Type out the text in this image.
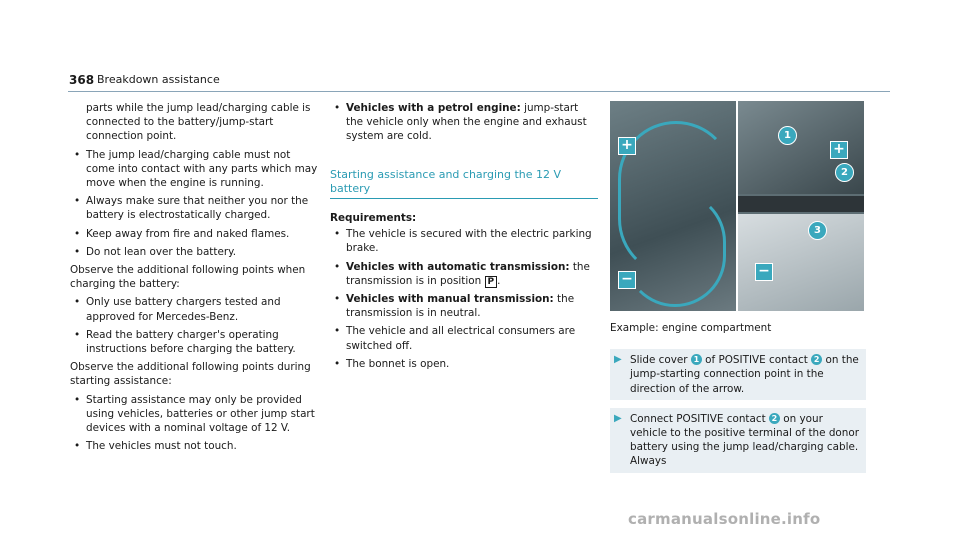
368 Breakdown assistance

parts while the jump lead/charging cable is connected to the battery/jump-start connection point.

• The jump lead/charging cable must not come into contact with any parts which may move when the engine is running.
• Always make sure that neither you nor the battery is electrostatically charged.
• Keep away from fire and naked flames.
• Do not lean over the battery.

Observe the additional following points when charging the battery:

• Only use battery chargers tested and approved for Mercedes-Benz.
• Read the battery charger's operating instructions before charging the battery.

Observe the additional following points during starting assistance:

• Starting assistance may only be provided using vehicles, batteries or other jump start devices with a nominal voltage of 12 V.
• The vehicles must not touch.
• Vehicles with a petrol engine: jump-start the vehicle only when the engine and exhaust system are cold.
Starting assistance and charging the 12 V battery
Requirements:
• The vehicle is secured with the electric parking brake.
• Vehicles with automatic transmission: the transmission is in position P .
• Vehicles with manual transmission: the transmission is in neutral.
• The vehicle and all electrical consumers are switched off.
• The bonnet is open.
+
−
+
−
1
2
3

Example: engine compartment

▶ Slide cover 1 of POSITIVE contact 2 on the jump-starting connection point in the direction of the arrow.
▶ Connect POSITIVE contact 2 on your vehicle to the positive terminal of the donor battery using the jump lead/charging cable. Always
carmanualsonline.info
